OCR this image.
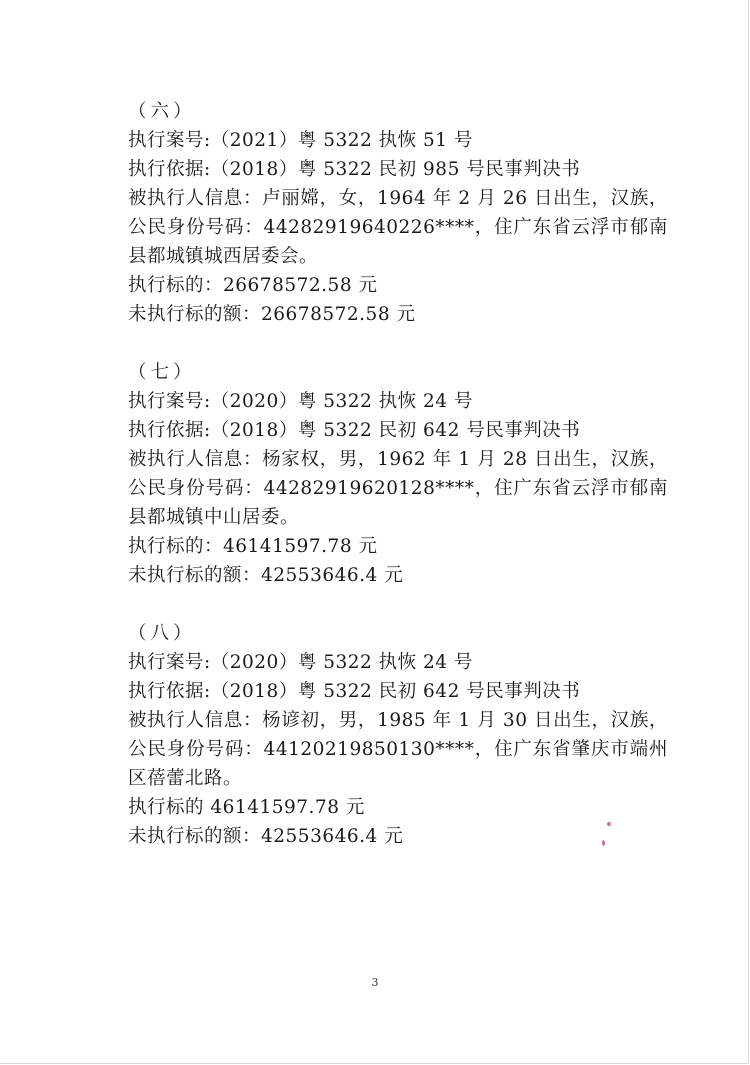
（六）
执行案号:（2021）粤 5322 执恢 51 号
执行依据:（2018）粤 5322 民初 985 号民事判决书
被执行人信息：卢丽嫦，女，1964 年 2 月 26 日出生，汉族，
公民身份号码：44282919640226****，住广东省云浮市郁南
县都城镇城西居委会。
执行标的：26678572.58 元
未执行标的额：26678572.58 元
（七）
执行案号:（2020）粤 5322 执恢 24 号
执行依据:（2018）粤 5322 民初 642 号民事判决书
被执行人信息：杨家权，男，1962 年 1 月 28 日出生，汉族，
公民身份号码：44282919620128****，住广东省云浮市郁南
县都城镇中山居委。
执行标的：46141597.78 元
未执行标的额：42553646.4 元
（八）
执行案号:（2020）粤 5322 执恢 24 号
执行依据:（2018）粤 5322 民初 642 号民事判决书
被执行人信息：杨谚初，男，1985 年 1 月 30 日出生，汉族，
公民身份号码：44120219850130****，住广东省肇庆市端州
区蓓蕾北路。
执行标的 46141597.78 元
未执行标的额：42553646.4 元
3
